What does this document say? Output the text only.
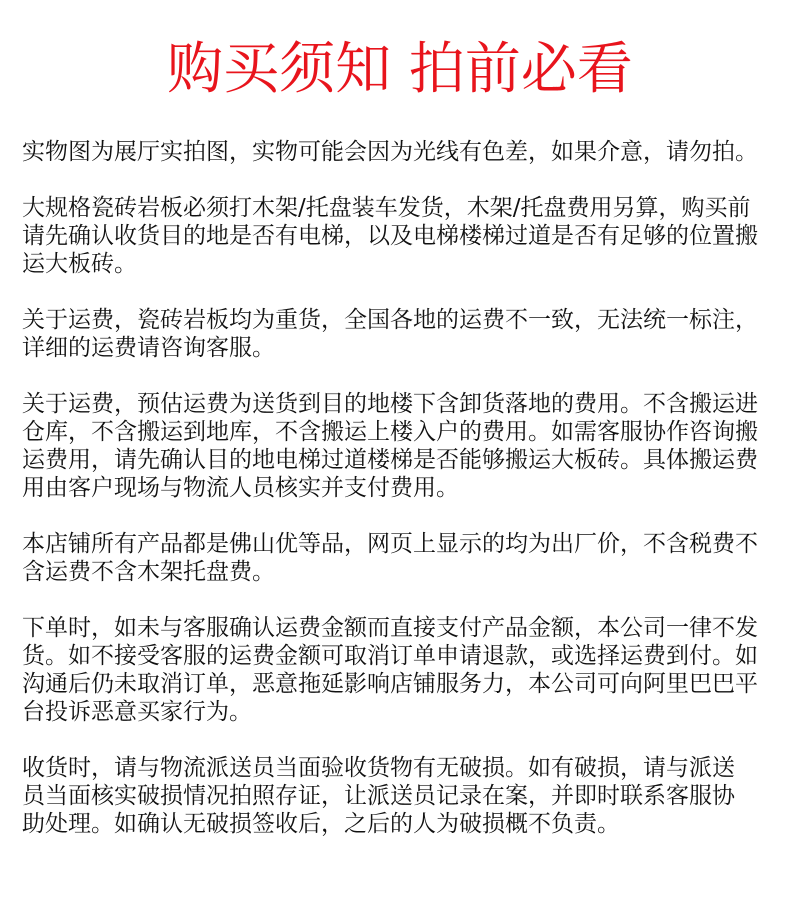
购买须知 拍前必看

实物图为展厅实拍图，实物可能会因为光线有色差，如果介意，请勿拍。

大规格瓷砖岩板必须打木架/托盘装车发货，木架/托盘费用另算，购买前
请先确认收货目的地是否有电梯，以及电梯楼梯过道是否有足够的位置搬
运大板砖。

关于运费，瓷砖岩板均为重货，全国各地的运费不一致，无法统一标注，
详细的运费请咨询客服。

关于运费，预估运费为送货到目的地楼下含卸货落地的费用。不含搬运进
仓库，不含搬运到地库，不含搬运上楼入户的费用。如需客服协作咨询搬
运费用，请先确认目的地电梯过道楼梯是否能够搬运大板砖。具体搬运费
用由客户现场与物流人员核实并支付费用。

本店铺所有产品都是佛山优等品，网页上显示的均为出厂价，不含税费不
含运费不含木架托盘费。

下单时，如未与客服确认运费金额而直接支付产品金额，本公司一律不发
货。如不接受客服的运费金额可取消订单申请退款，或选择运费到付。如
沟通后仍未取消订单，恶意拖延影响店铺服务力，本公司可向阿里巴巴平
台投诉恶意买家行为。

收货时，请与物流派送员当面验收货物有无破损。如有破损，请与派送
员当面核实破损情况拍照存证，让派送员记录在案，并即时联系客服协
助处理。如确认无破损签收后，之后的人为破损概不负责。
